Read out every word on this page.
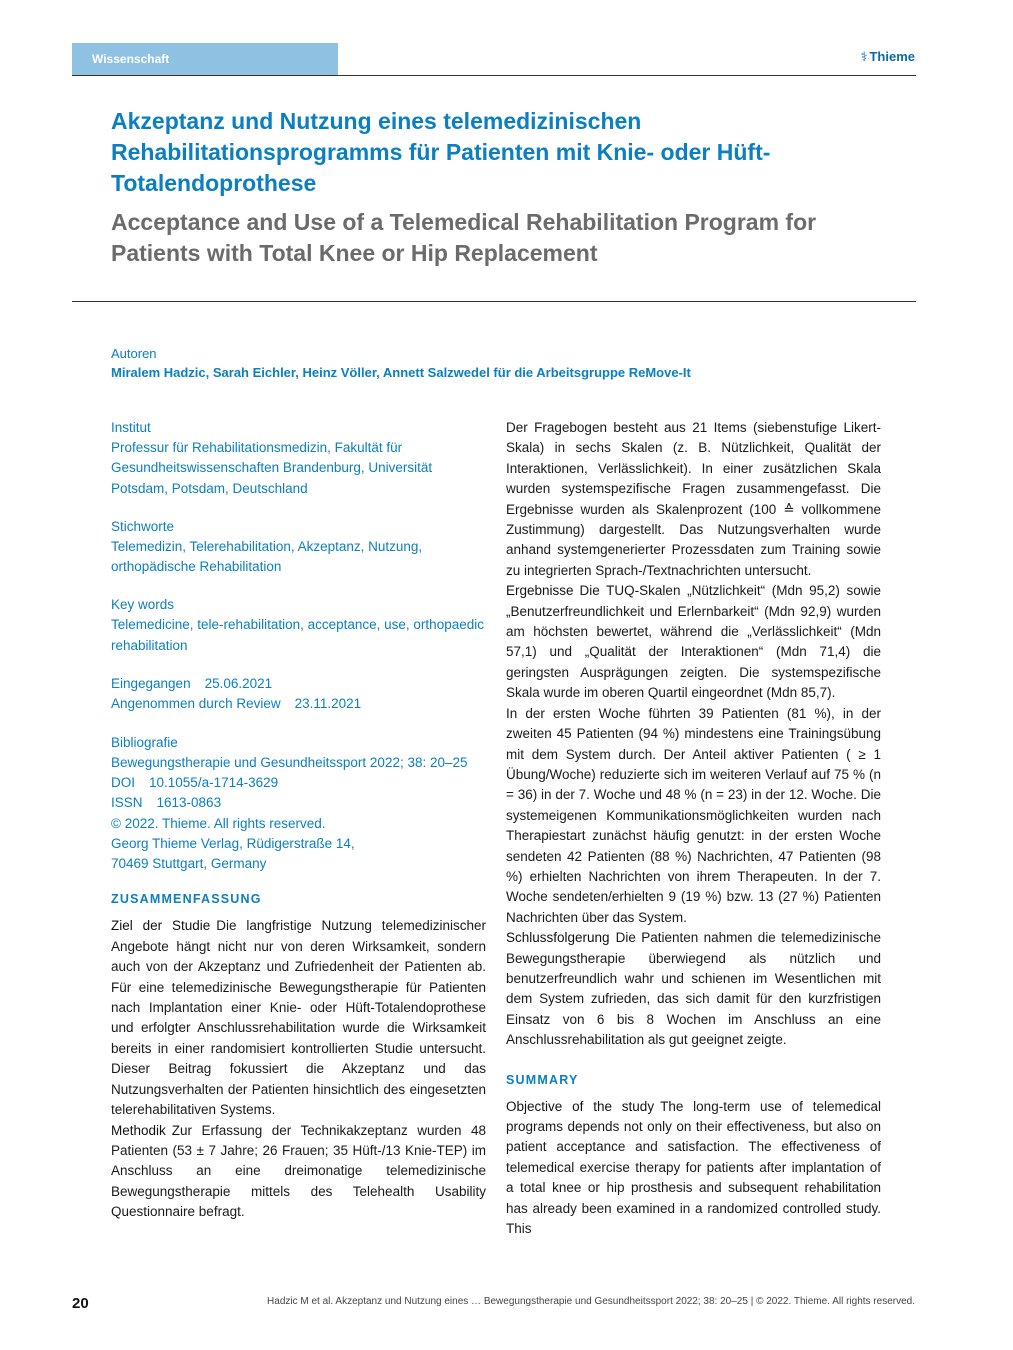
Wissenschaft	⚕ Thieme
Akzeptanz und Nutzung eines telemedizinischen Rehabilitationsprogramms für Patienten mit Knie- oder Hüft-Totalendoprothese
Acceptance and Use of a Telemedical Rehabilitation Program for Patients with Total Knee or Hip Replacement
Autoren
Miralem Hadzic, Sarah Eichler, Heinz Völler, Annett Salzwedel für die Arbeitsgruppe ReMove-It
Institut
Professur für Rehabilitationsmedizin, Fakultät für Gesundheitswissenschaften Brandenburg, Universität Potsdam, Potsdam, Deutschland
Stichworte
Telemedizin, Telerehabilitation, Akzeptanz, Nutzung, orthopädische Rehabilitation
Key words
Telemedicine, tele-rehabilitation, acceptance, use, orthopaedic rehabilitation
Eingegangen 25.06.2021
Angenommen durch Review 23.11.2021
Bibliografie
Bewegungstherapie und Gesundheitssport 2022; 38: 20–25
DOI 10.1055/a-1714-3629
ISSN 1613-0863
© 2022. Thieme. All rights reserved.
Georg Thieme Verlag, Rüdigerstraße 14,
70469 Stuttgart, Germany
ZUSAMMENFASSUNG

Ziel der Studie Die langfristige Nutzung telemedizinischer Angebote hängt nicht nur von deren Wirksamkeit, sondern auch von der Akzeptanz und Zufriedenheit der Patienten ab. Für eine telemedizinische Bewegungstherapie für Patienten nach Implantation einer Knie- oder Hüft-Totalendoprothese und erfolgter Anschlussrehabilitation wurde die Wirksamkeit bereits in einer randomisiert kontrollierten Studie untersucht. Dieser Beitrag fokussiert die Akzeptanz und das Nutzungsverhalten der Patienten hinsichtlich des eingesetzten telerehabilitativen Systems.

Methodik Zur Erfassung der Technikakzeptanz wurden 48 Patienten (53 ± 7 Jahre; 26 Frauen; 35 Hüft-/13 Knie-TEP) im Anschluss an eine dreimonatige telemedizinische Bewegungstherapie mittels des Telehealth Usability Questionnaire befragt.

Der Fragebogen besteht aus 21 Items (siebenstufige Likert-Skala) in sechs Skalen (z. B. Nützlichkeit, Qualität der Interaktionen, Verlässlichkeit). In einer zusätzlichen Skala wurden systemspezifische Fragen zusammengefasst. Die Ergebnisse wurden als Skalenprozent (100 ≙ vollkommene Zustimmung) dargestellt. Das Nutzungsverhalten wurde anhand systemgenerierter Prozessdaten zum Training sowie zu integrierten Sprach-/Textnachrichten untersucht.

Ergebnisse Die TUQ-Skalen „Nützlichkeit“ (Mdn 95,2) sowie „Benutzerfreundlichkeit und Erlernbarkeit“ (Mdn 92,9) wurden am höchsten bewertet, während die „Verlässlichkeit“ (Mdn 57,1) und „Qualität der Interaktionen“ (Mdn 71,4) die geringsten Ausprägungen zeigten. Die systemspezifische Skala wurde im oberen Quartil eingeordnet (Mdn 85,7).

In der ersten Woche führten 39 Patienten (81 %), in der zweiten 45 Patienten (94 %) mindestens eine Trainingsübung mit dem System durch. Der Anteil aktiver Patienten ( ≥ 1 Übung/Woche) reduzierte sich im weiteren Verlauf auf 75 % (n = 36) in der 7. Woche und 48 % (n = 23) in der 12. Woche. Die systemeigenen Kommunikationsmöglichkeiten wurden nach Therapiestart zunächst häufig genutzt: in der ersten Woche sendeten 42 Patienten (88 %) Nachrichten, 47 Patienten (98 %) erhielten Nachrichten von ihrem Therapeuten. In der 7. Woche sendeten/erhielten 9 (19 %) bzw. 13 (27 %) Patienten Nachrichten über das System.

Schlussfolgerung Die Patienten nahmen die telemedizinische Bewegungstherapie überwiegend als nützlich und benutzerfreundlich wahr und schienen im Wesentlichen mit dem System zufrieden, das sich damit für den kurzfristigen Einsatz von 6 bis 8 Wochen im Anschluss an eine Anschlussrehabilitation als gut geeignet zeigte.

SUMMARY

Objective of the study The long-term use of telemedical programs depends not only on their effectiveness, but also on patient acceptance and satisfaction. The effectiveness of telemedical exercise therapy for patients after implantation of a total knee or hip prosthesis and subsequent rehabilitation has already been examined in a randomized controlled study. This

20	Hadzic M et al. Akzeptanz und Nutzung eines … Bewegungstherapie und Gesundheitssport 2022; 38: 20–25 | © 2022. Thieme. All rights reserved.
